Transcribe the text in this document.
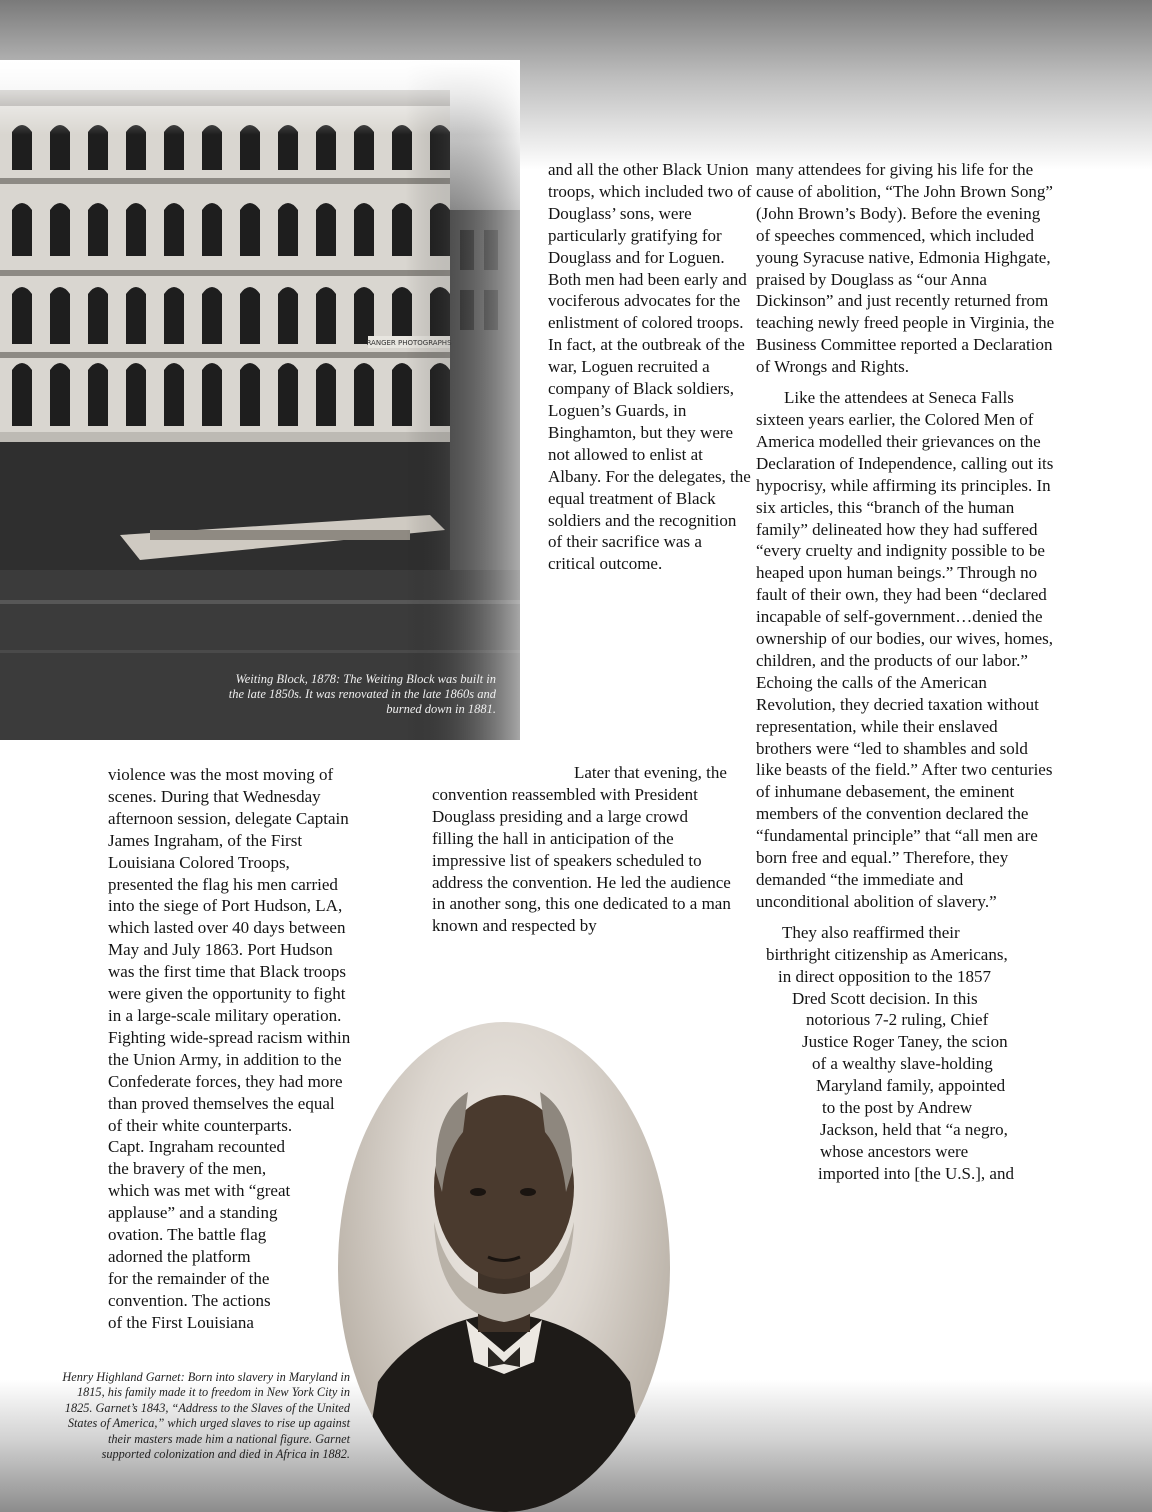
Weiting Block, 1878: The Weiting Block was built in the late 1850s. It was renovated in the late 1860s and burned down in 1881.

and all the other Black Union troops, which included two of Douglass’ sons, were particularly gratifying for Douglass and for Loguen. Both men had been early and vociferous advocates for the enlistment of colored troops. In fact, at the outbreak of the war, Loguen recruited a company of Black soldiers, Loguen’s Guards, in Binghamton, but they were not allowed to enlist at Albany. For the delegates, the equal treatment of Black soldiers and the recognition of their sacrifice was a critical outcome.

many attendees for giving his life for the cause of abolition, “The John Brown Song” (John Brown’s Body). Before the evening of speeches commenced, which included young Syracuse native, Edmonia Highgate, praised by Douglass as “our Anna Dickinson” and just recently returned from teaching newly freed people in Virginia, the Business Committee reported a Declaration of Wrongs and Rights.

Like the attendees at Seneca Falls sixteen years earlier, the Colored Men of America modelled their grievances on the Declaration of Independence, calling out its hypocrisy, while affirming its principles. In six articles, this “branch of the human family” delineated how they had suffered “every cruelty and indignity possible to be heaped upon human beings.” Through no fault of their own, they had been “declared incapable of self-government…denied the ownership of our bodies, our wives, homes, children, and the products of our labor.” Echoing the calls of the American Revolution, they decried taxation without representation, while their enslaved brothers were “led to shambles and sold like beasts of the field.” After two centuries of inhumane debasement, the eminent members of the convention declared the “fundamental principle” that “all men are born free and equal.” Therefore, they demanded “the immediate and unconditional abolition of slavery.”

They also reaffirmed their
birthright citizenship as Americans,
in direct opposition to the 1857
Dred Scott decision. In this
notorious 7-2 ruling, Chief
Justice Roger Taney, the scion
of a wealthy slave-holding
Maryland family, appointed
to the post by Andrew
Jackson, held that “a negro,
whose ancestors were
imported into [the U.S.], and

violence was the most moving of
scenes. During that Wednesday
afternoon session, delegate Captain
James Ingraham, of the First
Louisiana Colored Troops,
presented the flag his men carried
into the siege of Port Hudson, LA,
which lasted over 40 days between
May and July 1863. Port Hudson
was the first time that Black troops
were given the opportunity to fight
in a large-scale military operation.
Fighting wide-spread racism within
the Union Army, in addition to the
Confederate forces, they had more
than proved themselves the equal
of their white counterparts.
Capt. Ingraham recounted
the bravery of the men,
which was met with “great
applause” and a standing
ovation. The battle flag
adorned the platform
for the remainder of the
convention. The actions
of the First Louisiana

Later that evening, the convention reassembled with President Douglass presiding and a large crowd filling the hall in anticipation of the impressive list of speakers scheduled to address the convention. He led the audience in another song, this one dedicated to a man known and respected by

Henry Highland Garnet: Born into slavery in Maryland in 1815, his family made it to freedom in New York City in 1825. Garnet’s 1843, “Address to the Slaves of the United States of America,” which urged slaves to rise up against their masters made him a national figure. Garnet supported colonization and died in Africa in 1882.
